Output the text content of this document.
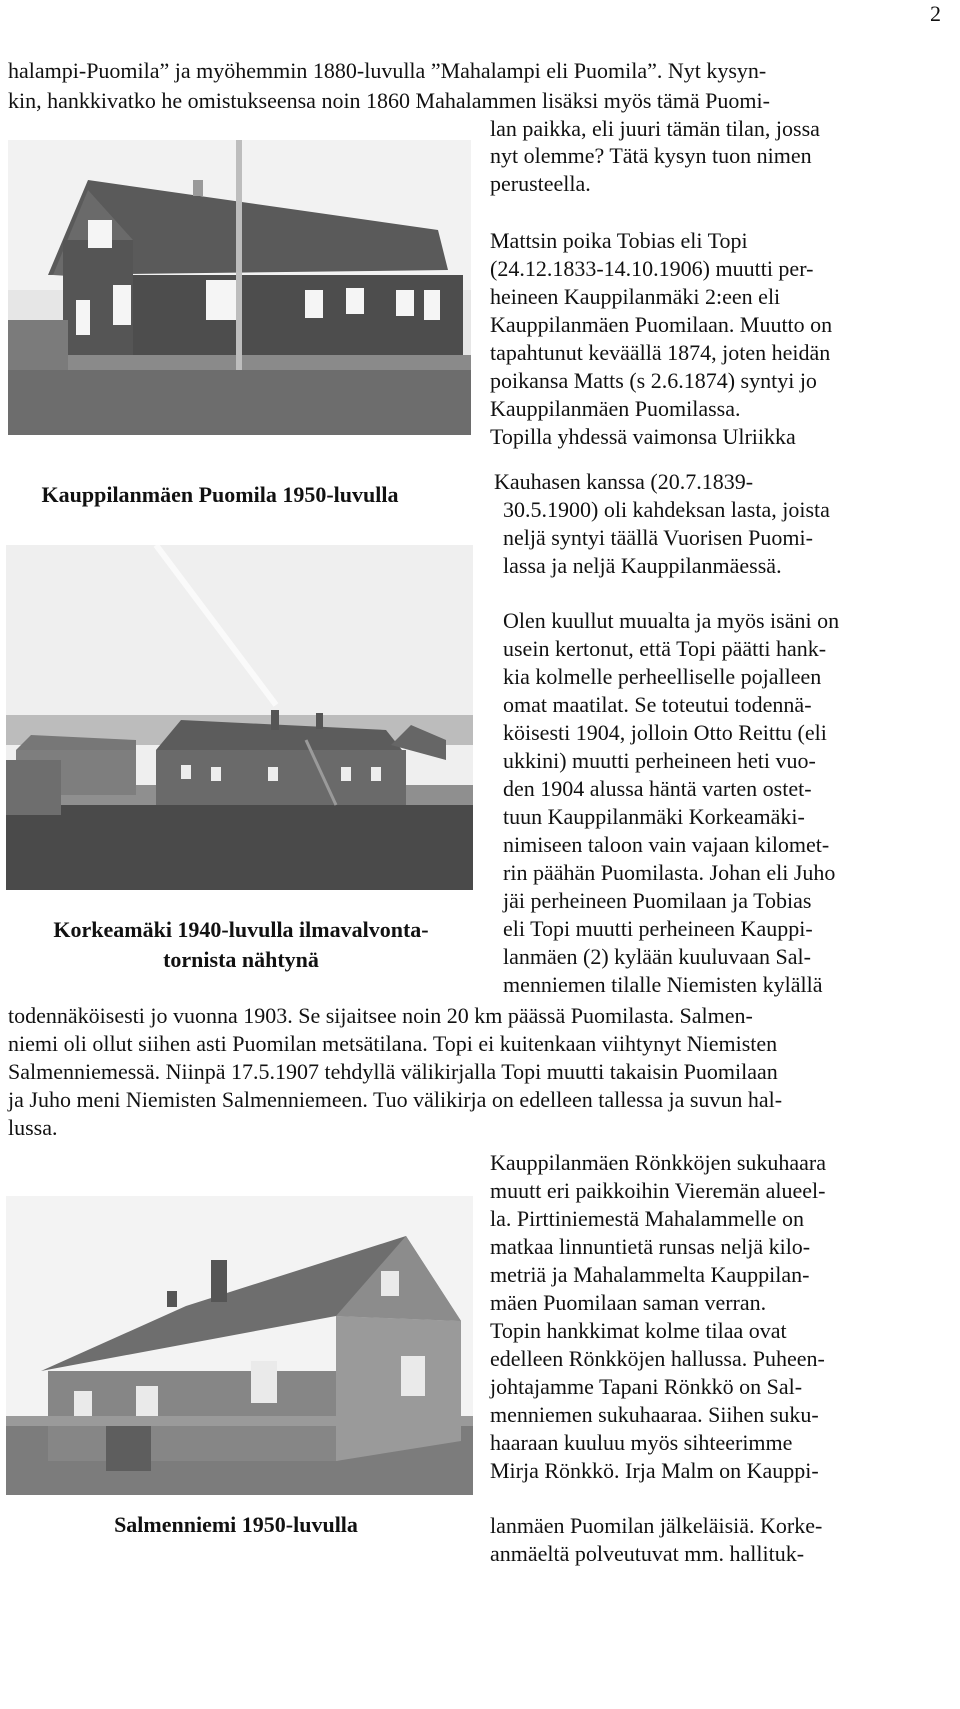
2
halampi-Puomila” ja myöhemmin 1880-luvulla ”Mahalampi eli Puomila”. Nyt kysyn-
kin, hankkivatko he omistukseensa noin 1860 Mahalammen lisäksi myös tämä Puomi-
lan paikka, eli juuri tämän tilan, jossa
nyt olemme? Tätä kysyn tuon nimen
perusteella.
Mattsin poika Tobias eli Topi
(24.12.1833-14.10.1906) muutti per-
heineen Kauppilanmäki 2:een eli
Kauppilanmäen Puomilaan. Muutto on
tapahtunut keväällä 1874, joten heidän
poikansa Matts (s 2.6.1874) syntyi jo
Kauppilanmäen Puomilassa.
Topilla yhdessä vaimonsa Ulriikka
Kauhasen kanssa (20.7.1839-
30.5.1900) oli kahdeksan lasta, joista
neljä syntyi täällä Vuorisen Puomi-
lassa ja neljä Kauppilanmäessä.
Olen kuullut muualta ja myös isäni on
usein kertonut, että Topi päätti hank-
kia kolmelle perheelliselle pojalleen
omat maatilat. Se toteutui todennä-
köisesti 1904, jolloin Otto Reittu (eli
ukkini) muutti perheineen heti vuo-
den 1904 alussa häntä varten ostet-
tuun Kauppilanmäki Korkeamäki-
nimiseen taloon vain vajaan kilomet-
rin päähän Puomilasta. Johan eli Juho
jäi perheineen Puomilaan ja Tobias
eli Topi muutti perheineen Kauppi-
lanmäen (2) kylään kuuluvaan Sal-
menniemen tilalle Niemisten kylällä
todennäköisesti jo vuonna 1903. Se sijaitsee noin 20 km päässä Puomilasta. Salmen-
niemi oli ollut siihen asti Puomilan metsätilana. Topi ei kuitenkaan viihtynyt Niemisten
Salmenniemessä. Niinpä 17.5.1907 tehdyllä välikirjalla Topi muutti takaisin Puomilaan
ja Juho meni Niemisten Salmenniemeen. Tuo välikirja on edelleen tallessa ja suvun hal-
lussa.
Kauppilanmäen Rönkköjen sukuhaara
muutt eri paikkoihin Vieremän alueel-
la. Pirttiniemestä Mahalammelle on
matkaa linnuntietä runsas neljä kilo-
metriä ja Mahalammelta Kauppilan-
mäen Puomilaan saman verran.
Topin hankkimat kolme tilaa ovat
edelleen Rönkköjen hallussa. Puheen-
johtajamme Tapani Rönkkö on Sal-
menniemen sukuhaaraa. Siihen suku-
haaraan kuuluu myös sihteerimme
Mirja Rönkkö. Irja Malm on Kauppi-
lanmäen Puomilan jälkeläisiä. Korke-
anmäeltä polveutuvat mm. hallituk-
Kauppilanmäen Puomila 1950-luvulla
Korkeamäki 1940-luvulla ilmavalvonta-
tornista nähtynä
Salmenniemi 1950-luvulla
